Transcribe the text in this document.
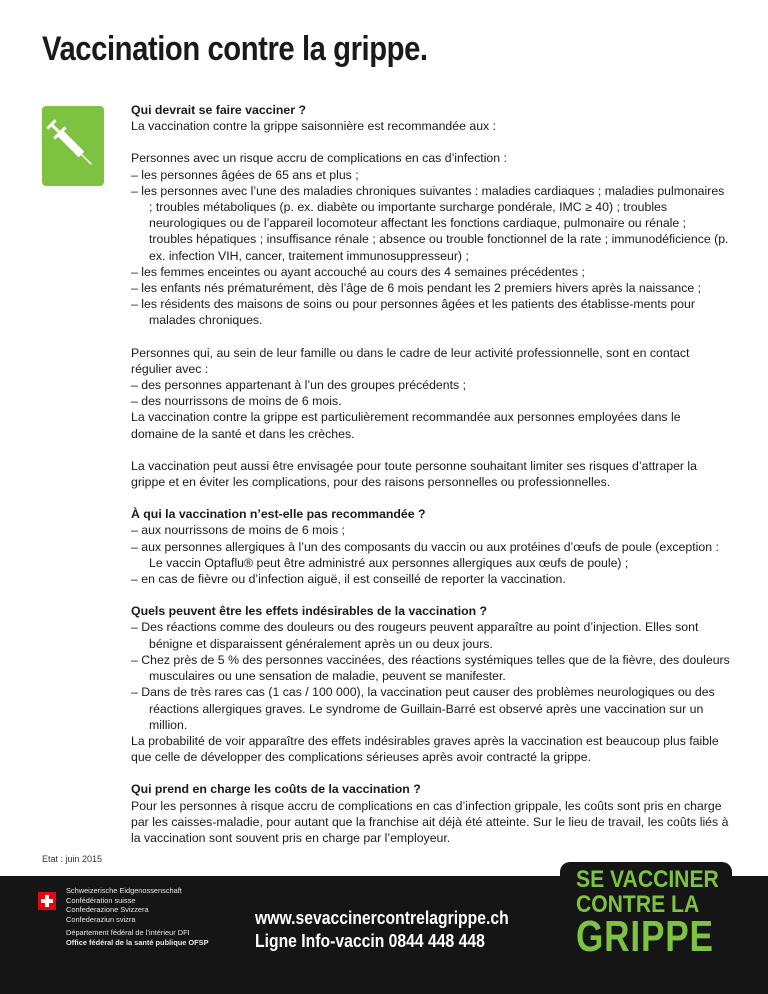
Vaccination contre la grippe.

Qui devrait se faire vacciner ?

La vaccination contre la grippe saisonnière est recommandée aux :

Personnes avec un risque accru de complications en cas d’infection :

– les personnes âgées de 65 ans et plus ;

– les personnes avec l’une des maladies chroniques suivantes : maladies cardiaques ; maladies pulmonaires ; troubles métaboliques (p. ex. diabète ou importante surcharge pondérale, IMC ≥ 40) ; troubles neurologiques ou de l’appareil locomoteur affectant les fonctions cardiaque, pulmonaire ou rénale ; troubles hépatiques ; insuffisance rénale ; absence ou trouble fonctionnel de la rate ; immunodéficience (p. ex. infection VIH, cancer, traitement immunosuppresseur) ;

– les femmes enceintes ou ayant accouché au cours des 4 semaines précédentes ;

– les enfants nés prématurément, dès l’âge de 6 mois pendant les 2 premiers hivers après la naissance ;

– les résidents des maisons de soins ou pour personnes âgées et les patients des établisse-ments pour malades chroniques.

Personnes qui, au sein de leur famille ou dans le cadre de leur activité professionnelle, sont en contact régulier avec :

– des personnes appartenant à l’un des groupes précédents ;

– des nourrissons de moins de 6 mois.

La vaccination contre la grippe est particulièrement recommandée aux personnes employées dans le domaine de la santé et dans les crèches.

La vaccination peut aussi être envisagée pour toute personne souhaitant limiter ses risques d’attraper la grippe et en éviter les complications, pour des raisons personnelles ou professionnelles.

À qui la vaccination n’est-elle pas recommandée ?

– aux nourrissons de moins de 6 mois ;

– aux personnes allergiques à l’un des composants du vaccin ou aux protéines d’œufs de poule (exception : Le vaccin Optaflu® peut être administré aux personnes allergiques aux œufs de poule) ;

– en cas de fièvre ou d’infection aiguë, il est conseillé de reporter la vaccination.

Quels peuvent être les effets indésirables de la vaccination ?

– Des réactions comme des douleurs ou des rougeurs peuvent apparaître au point d’injection. Elles sont bénigne et disparaissent généralement après un ou deux jours.

– Chez près de 5 % des personnes vaccinées, des réactions systémiques telles que de la fièvre, des douleurs musculaires ou une sensation de maladie, peuvent se manifester.

– Dans de très rares cas (1 cas / 100 000), la vaccination peut causer des problèmes neurologiques ou des réactions allergiques graves. Le syndrome de Guillain-Barré est observé après une vaccination sur un million.

La probabilité de voir apparaître des effets indésirables graves après la vaccination est beaucoup plus faible que celle de développer des complications sérieuses après avoir contracté la grippe.

Qui prend en charge les coûts de la vaccination ?

Pour les personnes à risque accru de complications en cas d’infection grippale, les coûts sont pris en charge par les caisses-maladie, pour autant que la franchise ait déjà été atteinte. Sur le lieu de travail, les coûts liés à la vaccination sont souvent pris en charge par l’employeur.

Etat : juin 2015
Schweizerische Eidgenossenschaft
Confédération suisse
Confederazione Svizzera
Confederaziun svizra
Département fédéral de l’intérieur DFI
Office fédéral de la santé publique OFSP
www.sevaccinercontrelagrippe.ch
Ligne Info-vaccin 0844 448 448
SE VACCINER
CONTRE LA
GRIPPE
